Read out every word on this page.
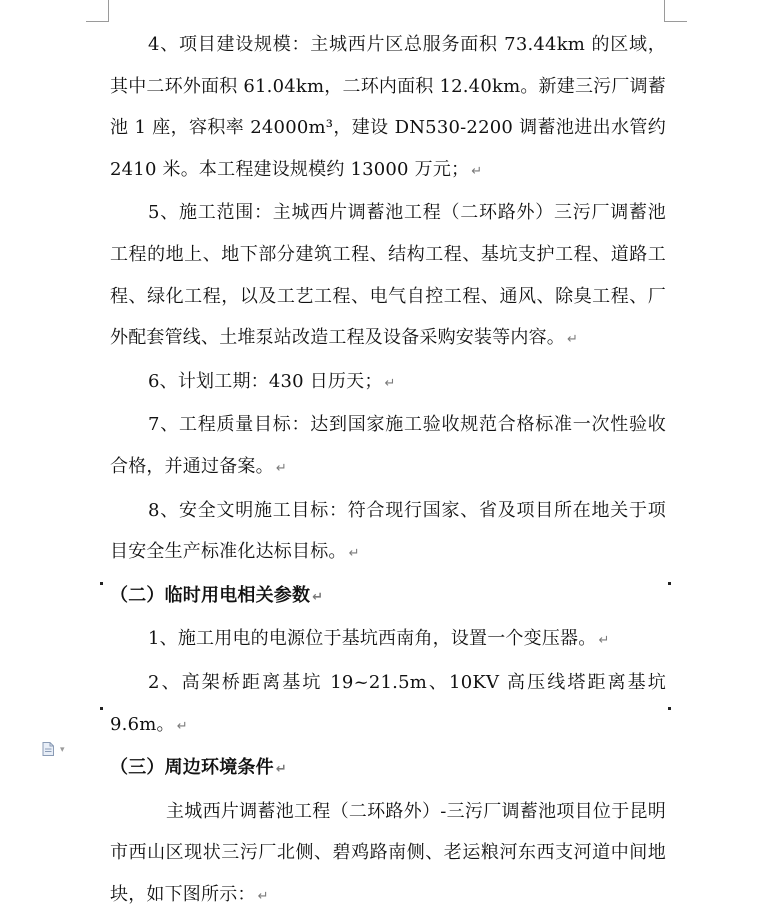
4、项目建设规模：主城西片区总服务面积 73.44km 的区域，其中二环外面积 61.04km，二环内面积 12.40km。新建三污厂调蓄池 1 座，容积率 24000m³，建设 DN530-2200 调蓄池进出水管约 2410 米。本工程建设规模约 13000 万元； ↵

5、施工范围：主城西片调蓄池工程（二环路外）三污厂调蓄池工程的地上、地下部分建筑工程、结构工程、基坑支护工程、道路工程、绿化工程，以及工艺工程、电气自控工程、通风、除臭工程、厂外配套管线、土堆泵站改造工程及设备采购安装等内容。 ↵

6、计划工期：430 日历天； ↵

7、工程质量目标：达到国家施工验收规范合格标准一次性验收合格，并通过备案。 ↵

8、安全文明施工目标：符合现行国家、省及项目所在地关于项目安全生产标准化达标目标。 ↵

（二）临时用电相关参数 ↵

1、施工用电的电源位于基坑西南角，设置一个变压器。 ↵

2、高架桥距离基坑 19~21.5m、10KV 高压线塔距离基坑 9.6m。 ↵

（三）周边环境条件 ↵

主城西片调蓄池工程（二环路外）-三污厂调蓄池项目位于昆明市西山区现状三污厂北侧、碧鸡路南侧、老运粮河东西支河道中间地块，如下图所示： ↵

▾
